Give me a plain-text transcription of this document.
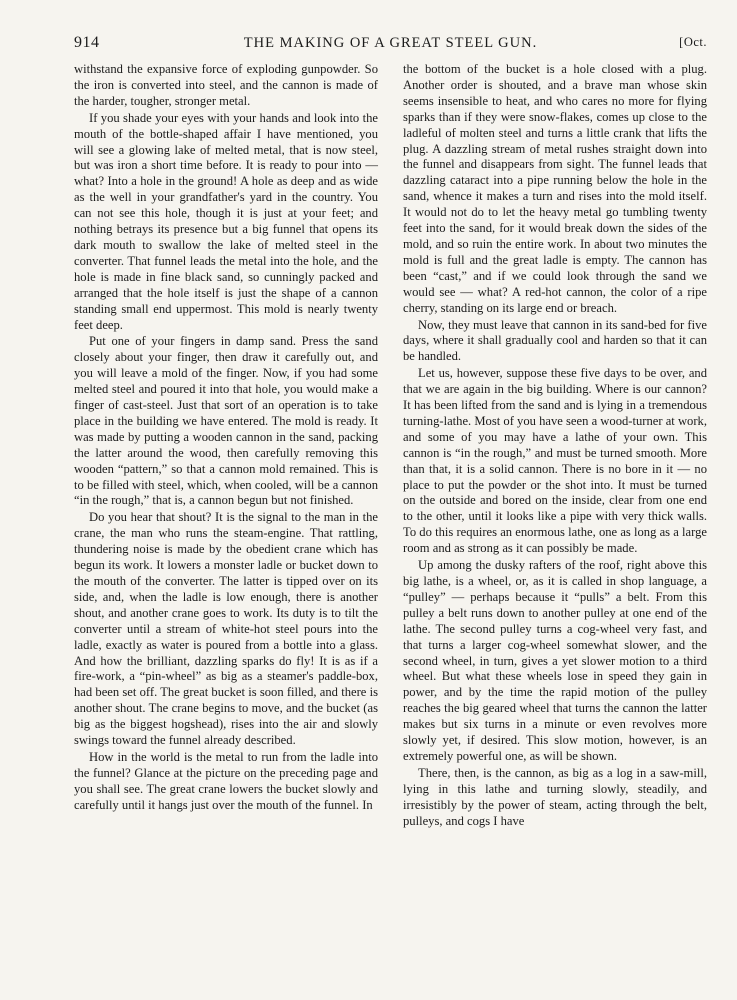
914	THE MAKING OF A GREAT STEEL GUN.	[Oct.

withstand the expansive force of exploding gunpowder. So the iron is converted into steel, and the cannon is made of the harder, tougher, stronger metal.

If you shade your eyes with your hands and look into the mouth of the bottle-shaped affair I have mentioned, you will see a glowing lake of melted metal, that is now steel, but was iron a short time before. It is ready to pour into — what? Into a hole in the ground! A hole as deep and as wide as the well in your grandfather's yard in the country. You can not see this hole, though it is just at your feet; and nothing betrays its presence but a big funnel that opens its dark mouth to swallow the lake of melted steel in the converter. That funnel leads the metal into the hole, and the hole is made in fine black sand, so cunningly packed and arranged that the hole itself is just the shape of a cannon standing small end uppermost. This mold is nearly twenty feet deep.

Put one of your fingers in damp sand. Press the sand closely about your finger, then draw it carefully out, and you will leave a mold of the finger. Now, if you had some melted steel and poured it into that hole, you would make a finger of cast-steel. Just that sort of an operation is to take place in the building we have entered. The mold is ready. It was made by putting a wooden cannon in the sand, packing the latter around the wood, then carefully removing this wooden “pattern,” so that a cannon mold remained. This is to be filled with steel, which, when cooled, will be a cannon “in the rough,” that is, a cannon begun but not finished.

Do you hear that shout? It is the signal to the man in the crane, the man who runs the steam-engine. That rattling, thundering noise is made by the obedient crane which has begun its work. It lowers a monster ladle or bucket down to the mouth of the converter. The latter is tipped over on its side, and, when the ladle is low enough, there is another shout, and another crane goes to work. Its duty is to tilt the converter until a stream of white-hot steel pours into the ladle, exactly as water is poured from a bottle into a glass. And how the brilliant, dazzling sparks do fly! It is as if a fire-work, a “pin-wheel” as big as a steamer's paddle-box, had been set off. The great bucket is soon filled, and there is another shout. The crane begins to move, and the bucket (as big as the biggest hogshead), rises into the air and slowly swings toward the funnel already described.

How in the world is the metal to run from the ladle into the funnel? Glance at the picture on the preceding page and you shall see. The great crane lowers the bucket slowly and carefully until it hangs just over the mouth of the funnel. In

the bottom of the bucket is a hole closed with a plug. Another order is shouted, and a brave man whose skin seems insensible to heat, and who cares no more for flying sparks than if they were snow-flakes, comes up close to the ladleful of molten steel and turns a little crank that lifts the plug. A dazzling stream of metal rushes straight down into the funnel and disappears from sight. The funnel leads that dazzling cataract into a pipe running below the hole in the sand, whence it makes a turn and rises into the mold itself. It would not do to let the heavy metal go tumbling twenty feet into the sand, for it would break down the sides of the mold, and so ruin the entire work. In about two minutes the mold is full and the great ladle is empty. The cannon has been “cast,” and if we could look through the sand we would see — what? A red-hot cannon, the color of a ripe cherry, standing on its large end or breach.

Now, they must leave that cannon in its sand-bed for five days, where it shall gradually cool and harden so that it can be handled.

Let us, however, suppose these five days to be over, and that we are again in the big building. Where is our cannon? It has been lifted from the sand and is lying in a tremendous turning-lathe. Most of you have seen a wood-turner at work, and some of you may have a lathe of your own. This cannon is “in the rough,” and must be turned smooth. More than that, it is a solid cannon. There is no bore in it — no place to put the powder or the shot into. It must be turned on the outside and bored on the inside, clear from one end to the other, until it looks like a pipe with very thick walls. To do this requires an enormous lathe, one as long as a large room and as strong as it can possibly be made.

Up among the dusky rafters of the roof, right above this big lathe, is a wheel, or, as it is called in shop language, a “pulley” — perhaps because it “pulls” a belt. From this pulley a belt runs down to another pulley at one end of the lathe. The second pulley turns a cog-wheel very fast, and that turns a larger cog-wheel somewhat slower, and the second wheel, in turn, gives a yet slower motion to a third wheel. But what these wheels lose in speed they gain in power, and by the time the rapid motion of the pulley reaches the big geared wheel that turns the cannon the latter makes but six turns in a minute or even revolves more slowly yet, if desired. This slow motion, however, is an extremely powerful one, as will be shown.

There, then, is the cannon, as big as a log in a saw-mill, lying in this lathe and turning slowly, steadily, and irresistibly by the power of steam, acting through the belt, pulleys, and cogs I have
